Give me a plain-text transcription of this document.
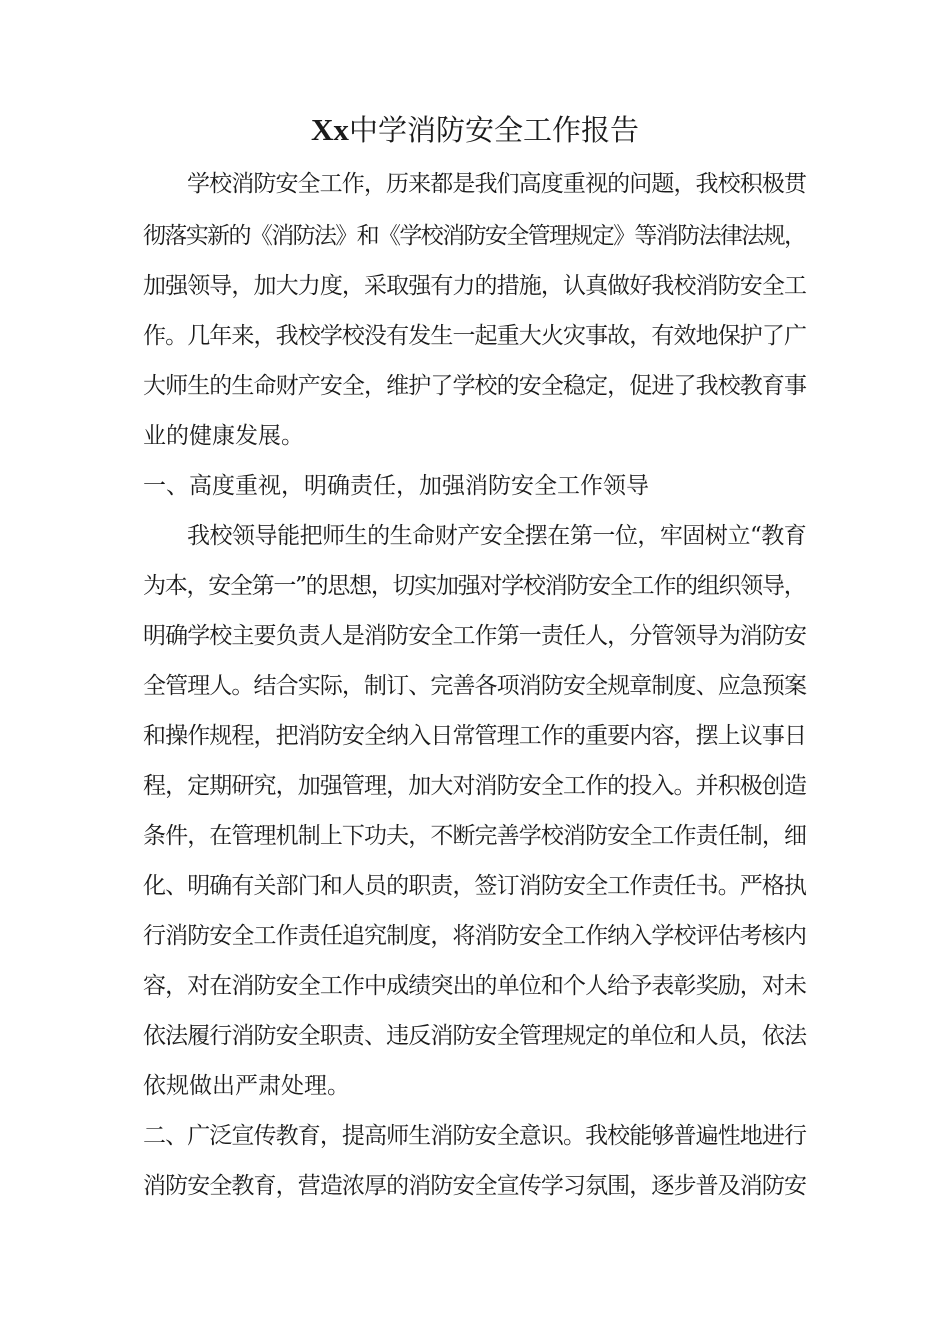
Xx中学消防安全工作报告
学校消防安全工作，历来都是我们高度重视的问题，我校积极贯
彻落实新的《消防法》和《学校消防安全管理规定》等消防法律法规，
加强领导，加大力度，采取强有力的措施，认真做好我校消防安全工
作。几年来，我校学校没有发生一起重大火灾事故，有效地保护了广
大师生的生命财产安全，维护了学校的安全稳定，促进了我校教育事
业的健康发展。
一、高度重视，明确责任，加强消防安全工作领导
我校领导能把师生的生命财产安全摆在第一位，牢固树立“教育
为本，安全第一”的思想，切实加强对学校消防安全工作的组织领导，
明确学校主要负责人是消防安全工作第一责任人，分管领导为消防安
全管理人。结合实际，制订、完善各项消防安全规章制度、应急预案
和操作规程，把消防安全纳入日常管理工作的重要内容，摆上议事日
程，定期研究，加强管理，加大对消防安全工作的投入。并积极创造
条件，在管理机制上下功夫，不断完善学校消防安全工作责任制，细
化、明确有关部门和人员的职责，签订消防安全工作责任书。严格执
行消防安全工作责任追究制度，将消防安全工作纳入学校评估考核内
容，对在消防安全工作中成绩突出的单位和个人给予表彰奖励，对未
依法履行消防安全职责、违反消防安全管理规定的单位和人员，依法
依规做出严肃处理。
二、广泛宣传教育，提高师生消防安全意识。我校能够普遍性地进行
消防安全教育，营造浓厚的消防安全宣传学习氛围，逐步普及消防安
